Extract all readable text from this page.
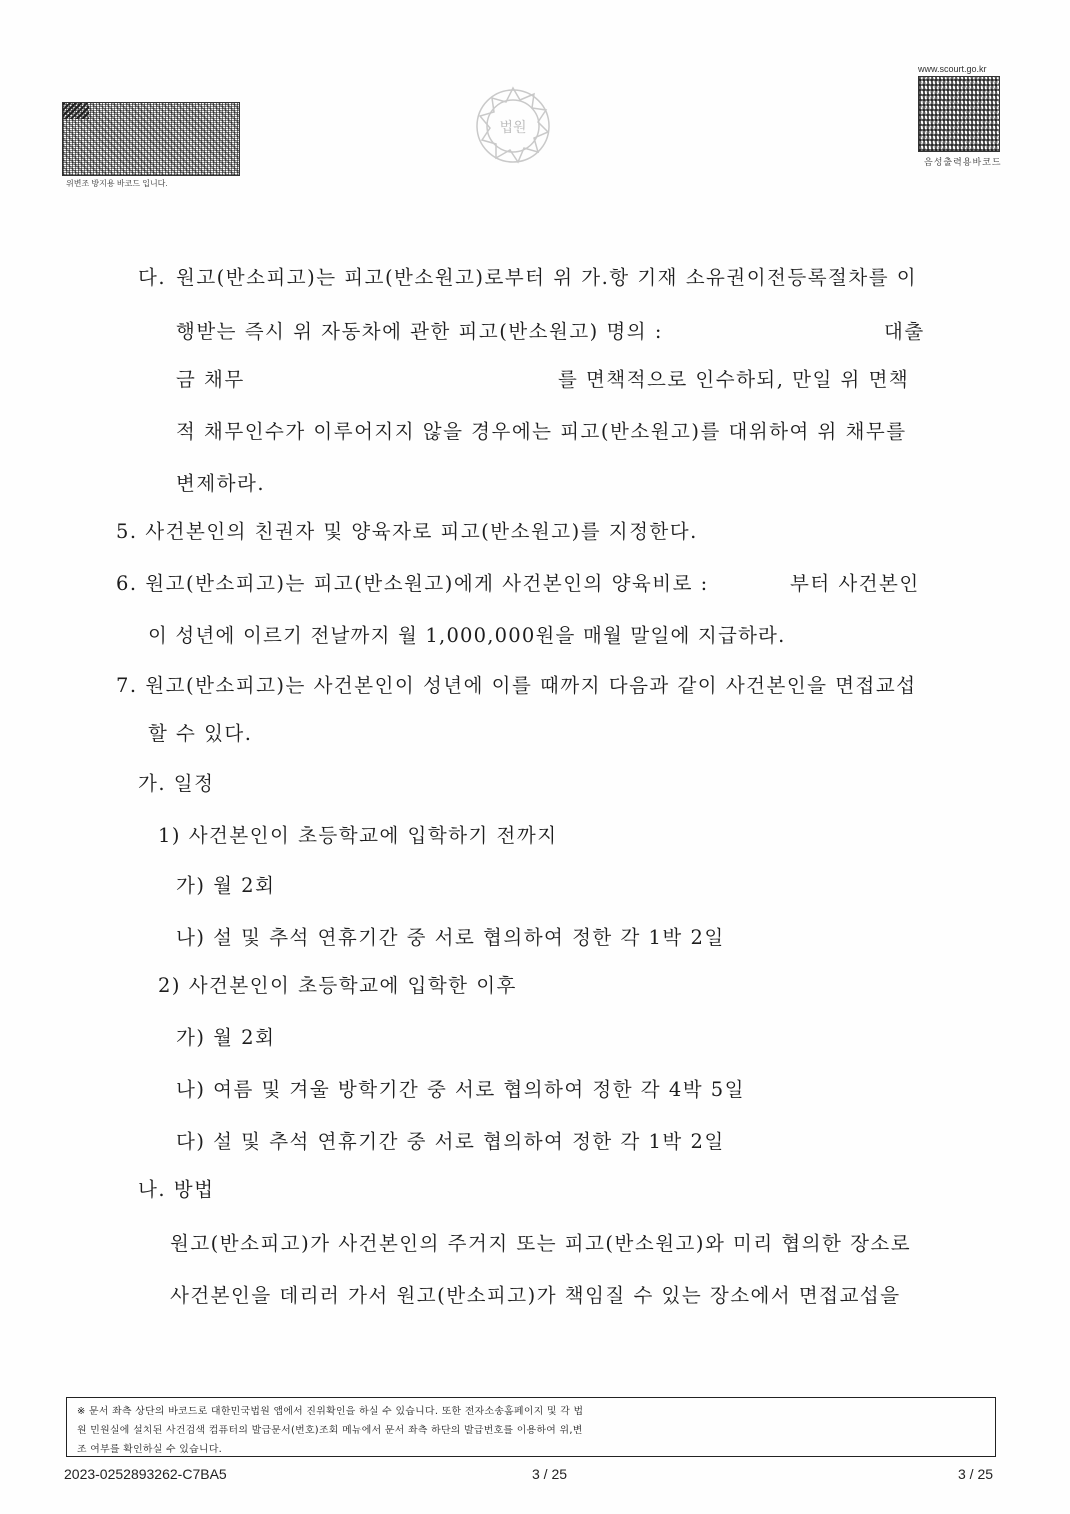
위변조 방지용 바코드 입니다.
법원
www.scourt.go.kr
음성출력용바코드
다. 원고(반소피고)는 피고(반소원고)로부터 위 가.항 기재 소유권이전등록절차를 이
행받는 즉시 위 자동차에 관한 피고(반소원고) 명의 :	대출
금 채무	를 면책적으로 인수하되, 만일 위 면책
적 채무인수가 이루어지지 않을 경우에는 피고(반소원고)를 대위하여 위 채무를
변제하라.
5. 사건본인의 친권자 및 양육자로 피고(반소원고)를 지정한다.
6. 원고(반소피고)는 피고(반소원고)에게 사건본인의 양육비로 :	부터 사건본인
이 성년에 이르기 전날까지 월 1,000,000원을 매월 말일에 지급하라.
7. 원고(반소피고)는 사건본인이 성년에 이를 때까지 다음과 같이 사건본인을 면접교섭
할 수 있다.
가. 일정
1) 사건본인이 초등학교에 입학하기 전까지
가) 월 2회
나) 설 및 추석 연휴기간 중 서로 협의하여 정한 각 1박 2일
2) 사건본인이 초등학교에 입학한 이후
가) 월 2회
나) 여름 및 겨울 방학기간 중 서로 협의하여 정한 각 4박 5일
다) 설 및 추석 연휴기간 중 서로 협의하여 정한 각 1박 2일
나. 방법
원고(반소피고)가 사건본인의 주거지 또는 피고(반소원고)와 미리 협의한 장소로
사건본인을 데리러 가서 원고(반소피고)가 책임질 수 있는 장소에서 면접교섭을
※ 문서 좌측 상단의 바코드로 대한민국법원 앱에서 진위확인을 하실 수 있습니다. 또한 전자소송홈페이지 및 각 법
원 민원실에 설치된 사건검색 컴퓨터의 발급문서(번호)조회 메뉴에서 문서 좌측 하단의 발급번호를 이용하여 위,변
조 여부를 확인하실 수 있습니다.
2023-0252893262-C7BA5	3 / 25	3 / 25
